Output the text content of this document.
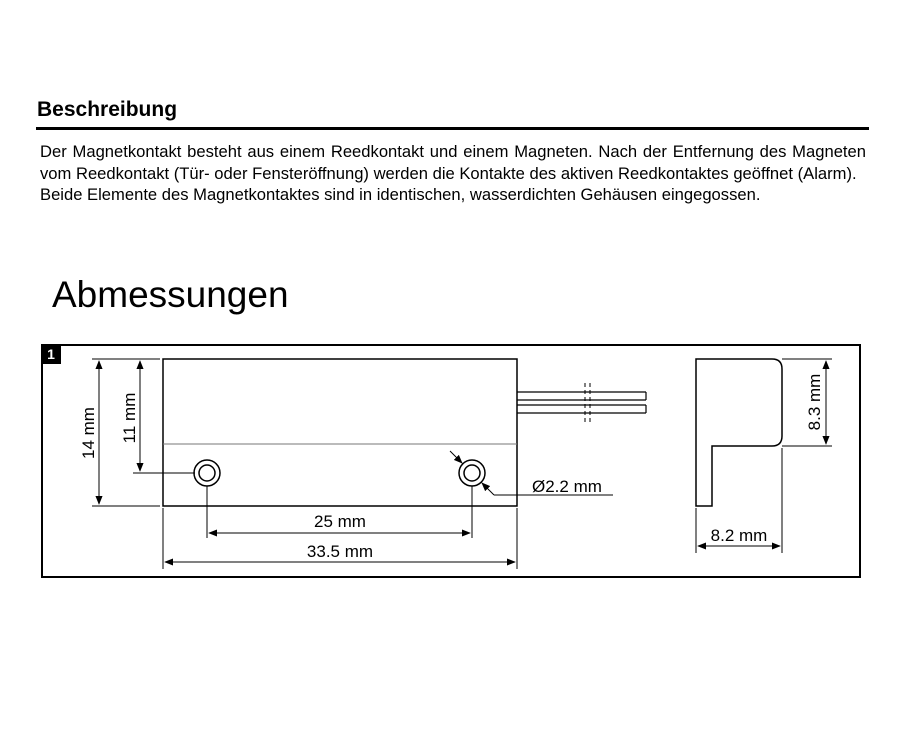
Beschreibung

Der Magnetkontakt besteht aus einem Reedkontakt und einem Magneten. Nach der Entfernung des Magneten vom Reedkontakt (Tür- oder Fensteröffnung) werden die Kontakte des aktiven Reedkontaktes geöffnet (Alarm).

Beide Elemente des Magnetkontaktes sind in identischen, wasserdichten Gehäusen eingegossen.

Abmessungen
1
14 mm 11 mm
Ø2.2 mm
25 mm
33.5 mm
8.3 mm
8.2 mm
